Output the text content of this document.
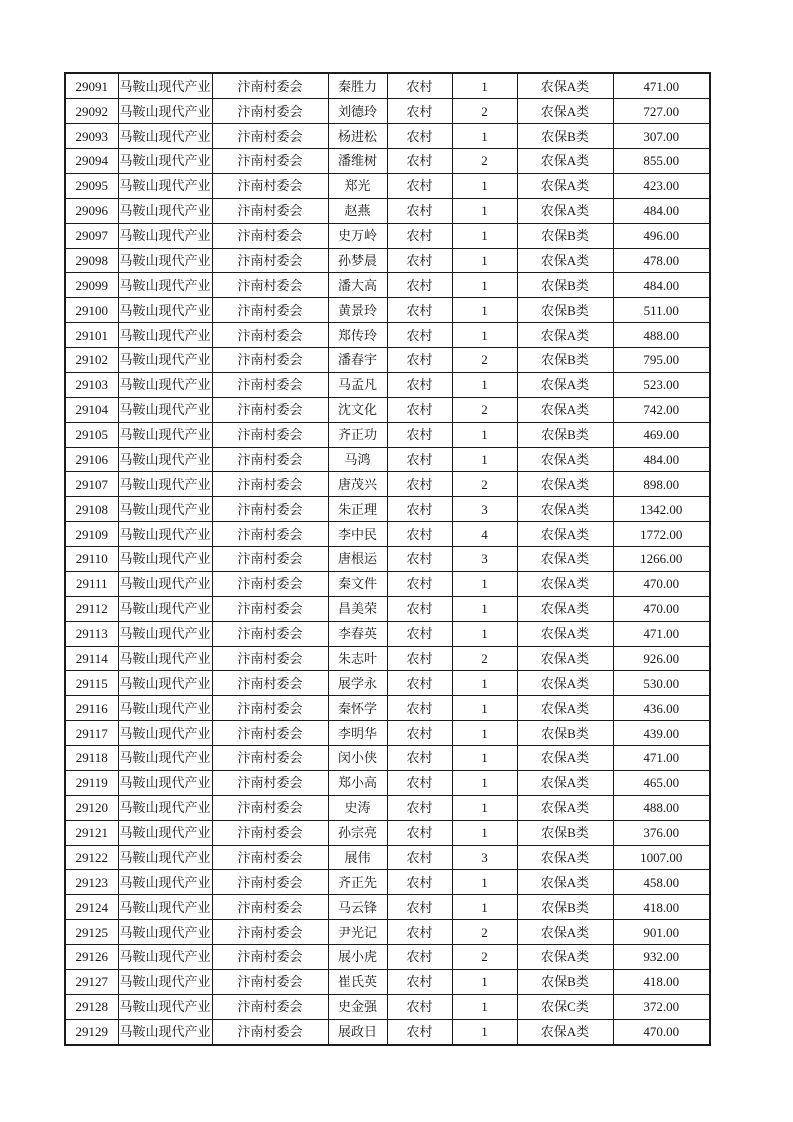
29091	马鞍山现代产业	汴南村委会	秦胜力	农村	1	农保A类	471.00
29092	马鞍山现代产业	汴南村委会	刘德玲	农村	2	农保A类	727.00
29093	马鞍山现代产业	汴南村委会	杨进松	农村	1	农保B类	307.00
29094	马鞍山现代产业	汴南村委会	潘维树	农村	2	农保A类	855.00
29095	马鞍山现代产业	汴南村委会	郑光	农村	1	农保A类	423.00
29096	马鞍山现代产业	汴南村委会	赵燕	农村	1	农保A类	484.00
29097	马鞍山现代产业	汴南村委会	史万岭	农村	1	农保B类	496.00
29098	马鞍山现代产业	汴南村委会	孙梦晨	农村	1	农保A类	478.00
29099	马鞍山现代产业	汴南村委会	潘大高	农村	1	农保B类	484.00
29100	马鞍山现代产业	汴南村委会	黄景玲	农村	1	农保B类	511.00
29101	马鞍山现代产业	汴南村委会	郑传玲	农村	1	农保A类	488.00
29102	马鞍山现代产业	汴南村委会	潘春宇	农村	2	农保B类	795.00
29103	马鞍山现代产业	汴南村委会	马孟凡	农村	1	农保A类	523.00
29104	马鞍山现代产业	汴南村委会	沈文化	农村	2	农保A类	742.00
29105	马鞍山现代产业	汴南村委会	齐正功	农村	1	农保B类	469.00
29106	马鞍山现代产业	汴南村委会	马鸿	农村	1	农保A类	484.00
29107	马鞍山现代产业	汴南村委会	唐茂兴	农村	2	农保A类	898.00
29108	马鞍山现代产业	汴南村委会	朱正理	农村	3	农保A类	1342.00
29109	马鞍山现代产业	汴南村委会	李中民	农村	4	农保A类	1772.00
29110	马鞍山现代产业	汴南村委会	唐根运	农村	3	农保A类	1266.00
29111	马鞍山现代产业	汴南村委会	秦文件	农村	1	农保A类	470.00
29112	马鞍山现代产业	汴南村委会	昌美荣	农村	1	农保A类	470.00
29113	马鞍山现代产业	汴南村委会	李春英	农村	1	农保A类	471.00
29114	马鞍山现代产业	汴南村委会	朱志叶	农村	2	农保A类	926.00
29115	马鞍山现代产业	汴南村委会	展学永	农村	1	农保A类	530.00
29116	马鞍山现代产业	汴南村委会	秦怀学	农村	1	农保A类	436.00
29117	马鞍山现代产业	汴南村委会	李明华	农村	1	农保B类	439.00
29118	马鞍山现代产业	汴南村委会	闵小侠	农村	1	农保A类	471.00
29119	马鞍山现代产业	汴南村委会	郑小高	农村	1	农保A类	465.00
29120	马鞍山现代产业	汴南村委会	史涛	农村	1	农保A类	488.00
29121	马鞍山现代产业	汴南村委会	孙宗亮	农村	1	农保B类	376.00
29122	马鞍山现代产业	汴南村委会	展伟	农村	3	农保A类	1007.00
29123	马鞍山现代产业	汴南村委会	齐正先	农村	1	农保A类	458.00
29124	马鞍山现代产业	汴南村委会	马云锋	农村	1	农保B类	418.00
29125	马鞍山现代产业	汴南村委会	尹光记	农村	2	农保A类	901.00
29126	马鞍山现代产业	汴南村委会	展小虎	农村	2	农保A类	932.00
29127	马鞍山现代产业	汴南村委会	崔氏英	农村	1	农保B类	418.00
29128	马鞍山现代产业	汴南村委会	史金强	农村	1	农保C类	372.00
29129	马鞍山现代产业	汴南村委会	展政日	农村	1	农保A类	470.00
